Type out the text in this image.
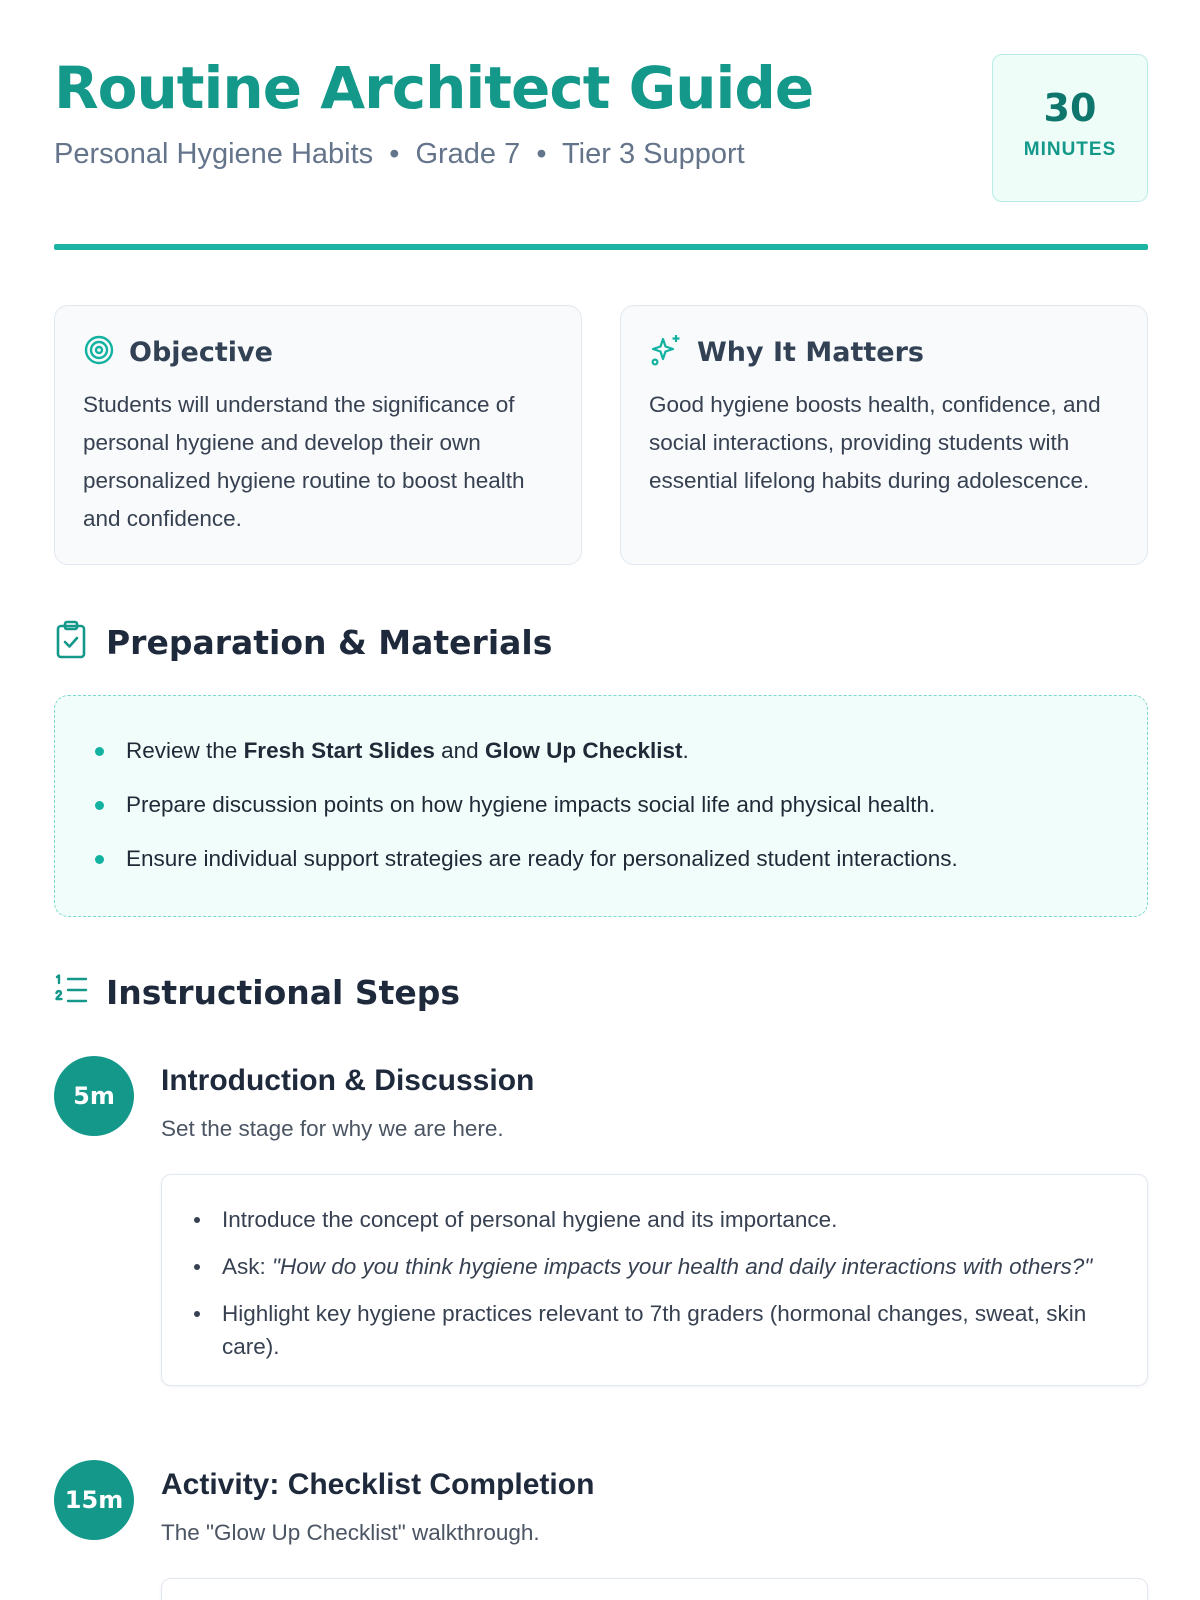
Routine Architect Guide
Personal Hygiene Habits • Grade 7 • Tier 3 Support
30
MINUTES
Objective
Students will understand the significance of personal hygiene and develop their own personalized hygiene routine to boost health and confidence.
Why It Matters
Good hygiene boosts health, confidence, and social interactions, providing students with essential lifelong habits during adolescence.
Preparation & Materials
Review the Fresh Start Slides and Glow Up Checklist.
Prepare discussion points on how hygiene impacts social life and physical health.
Ensure individual support strategies are ready for personalized student interactions.
Instructional Steps
5m	Introduction & Discussion
Set the stage for why we are here.
Introduce the concept of personal hygiene and its importance.
Ask: "How do you think hygiene impacts your health and daily interactions with others?"
Highlight key hygiene practices relevant to 7th graders (hormonal changes, sweat, skin care).
15m	Activity: Checklist Completion
The "Glow Up Checklist" walkthrough.
